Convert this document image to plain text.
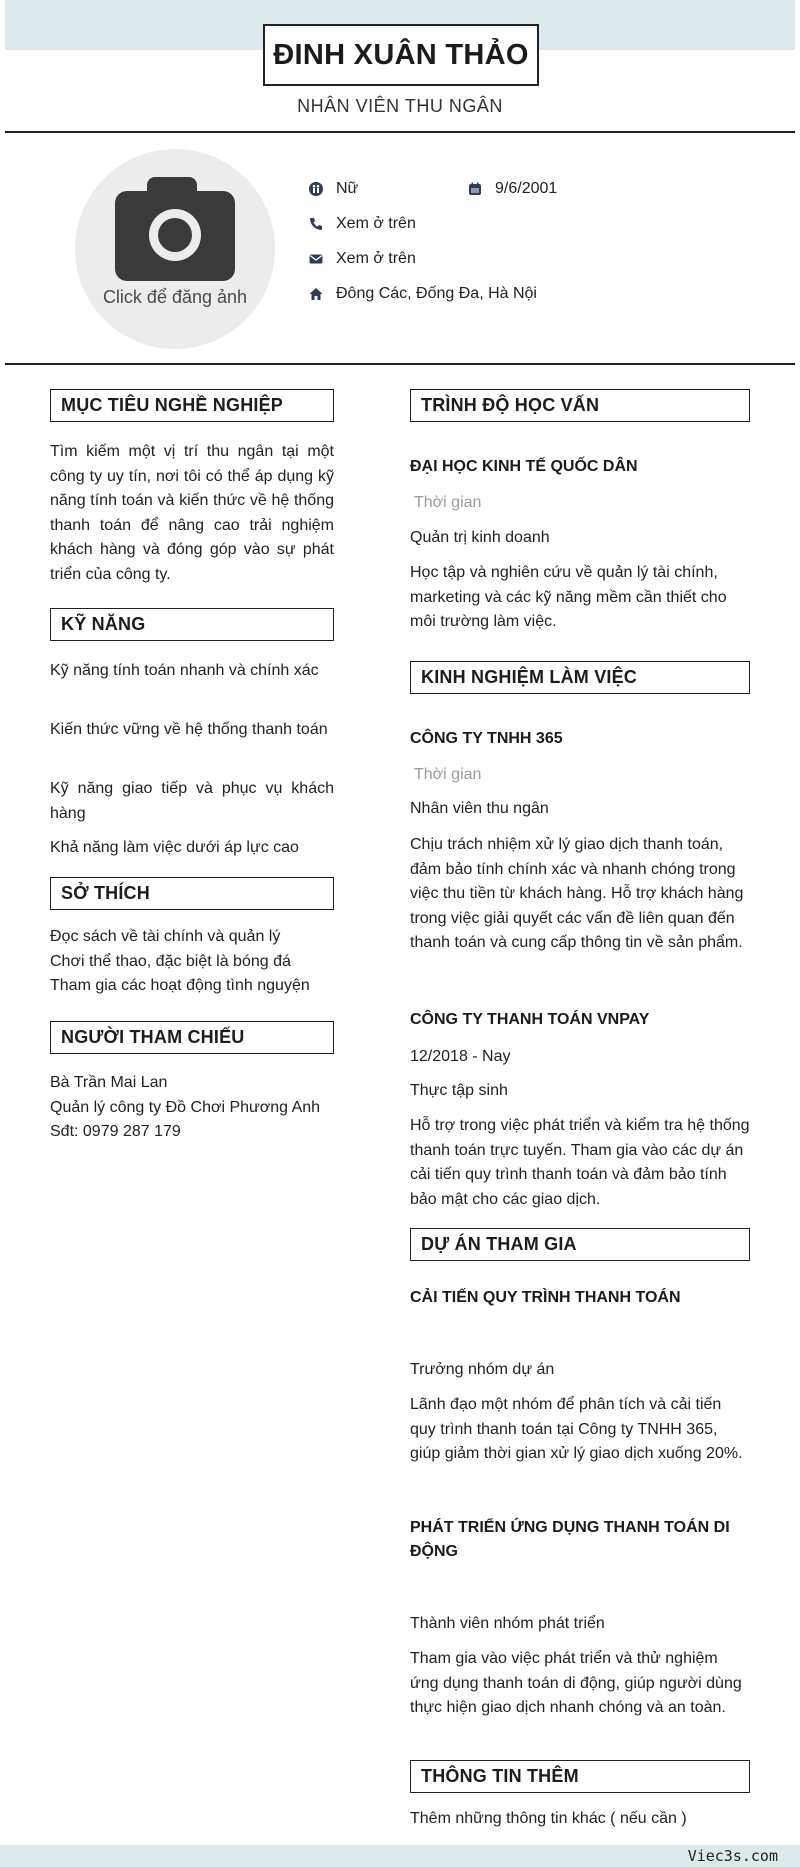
ĐINH XUÂN THẢO
NHÂN VIÊN THU NGÂN
Click để đăng ảnh
Nữ	9/6/2001
Xem ở trên
Xem ở trên
Đông Các, Đống Đa, Hà Nội
MỤC TIÊU NGHỀ NGHIỆP
Tìm kiếm một vị trí thu ngân tại một công ty uy tín, nơi tôi có thể áp dụng kỹ năng tính toán và kiến thức về hệ thống thanh toán để nâng cao trải nghiệm khách hàng và đóng góp vào sự phát triển của công ty.
KỸ NĂNG
Kỹ năng tính toán nhanh và chính xác
Kiến thức vững về hệ thống thanh toán
Kỹ năng giao tiếp và phục vụ khách hàng
Khả năng làm việc dưới áp lực cao
SỞ THÍCH
Đọc sách về tài chính và quản lý
Chơi thể thao, đặc biệt là bóng đá
Tham gia các hoạt động tình nguyện
NGƯỜI THAM CHIẾU
Bà Trần Mai Lan
Quản lý công ty Đồ Chơi Phương Anh
Sđt: 0979 287 179
TRÌNH ĐỘ HỌC VẤN
ĐẠI HỌC KINH TẾ QUỐC DÂN
Thời gian
Quản trị kinh doanh
Học tập và nghiên cứu về quản lý tài chính, marketing và các kỹ năng mềm cần thiết cho môi trường làm việc.
KINH NGHIỆM LÀM VIỆC
CÔNG TY TNHH 365
Thời gian
Nhân viên thu ngân
Chịu trách nhiệm xử lý giao dịch thanh toán, đảm bảo tính chính xác và nhanh chóng trong việc thu tiền từ khách hàng. Hỗ trợ khách hàng trong việc giải quyết các vấn đề liên quan đến thanh toán và cung cấp thông tin về sản phẩm.
CÔNG TY THANH TOÁN VNPAY
12/2018 - Nay
Thực tập sinh
Hỗ trợ trong việc phát triển và kiểm tra hệ thống thanh toán trực tuyến. Tham gia vào các dự án cải tiến quy trình thanh toán và đảm bảo tính bảo mật cho các giao dịch.
DỰ ÁN THAM GIA
CẢI TIẾN QUY TRÌNH THANH TOÁN
Trưởng nhóm dự án
Lãnh đạo một nhóm để phân tích và cải tiến quy trình thanh toán tại Công ty TNHH 365, giúp giảm thời gian xử lý giao dịch xuống 20%.
PHÁT TRIỂN ỨNG DỤNG THANH TOÁN DI ĐỘNG
Thành viên nhóm phát triển
Tham gia vào việc phát triển và thử nghiệm ứng dụng thanh toán di động, giúp người dùng thực hiện giao dịch nhanh chóng và an toàn.
THÔNG TIN THÊM
Thêm những thông tin khác ( nếu cần )
Viec3s.com
